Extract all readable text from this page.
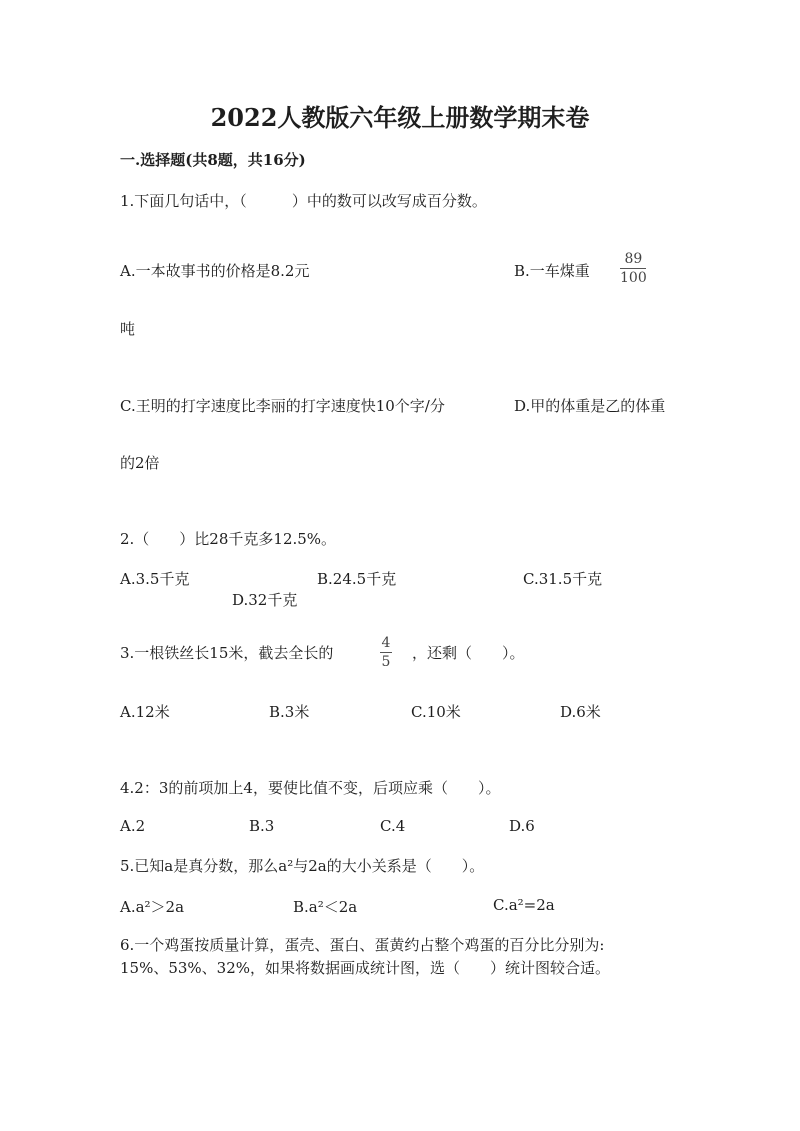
2022人教版六年级上册数学期末卷
一.选择题(共8题，共16分)
1.下面几句话中，（　　　）中的数可以改写成百分数。
A.一本故事书的价格是8.2元	B.一车煤重
89
100
吨
C.王明的打字速度比李丽的打字速度快10个字/分	D.甲的体重是乙的体重
的2倍
2.（　　）比28千克多12.5%。
A.3.5千克	B.24.5千克	C.31.5千克
D.32千克
3.一根铁丝长15米，截去全长的
4
5 ，还剩（　　）。
A.12米	B.3米	C.10米	D.6米
4.2：3的前项加上4，要使比值不变，后项应乘（　　）。
A.2	B.3	C.4	D.6
5.已知a是真分数，那么a²与2a的大小关系是（　　）。
A.a²＞2a	B.a²＜2a	C.a²=2a
6.一个鸡蛋按质量计算，蛋壳、蛋白、蛋黄约占整个鸡蛋的百分比分别为:
15%、53%、32%，如果将数据画成统计图，选（　　）统计图较合适。
